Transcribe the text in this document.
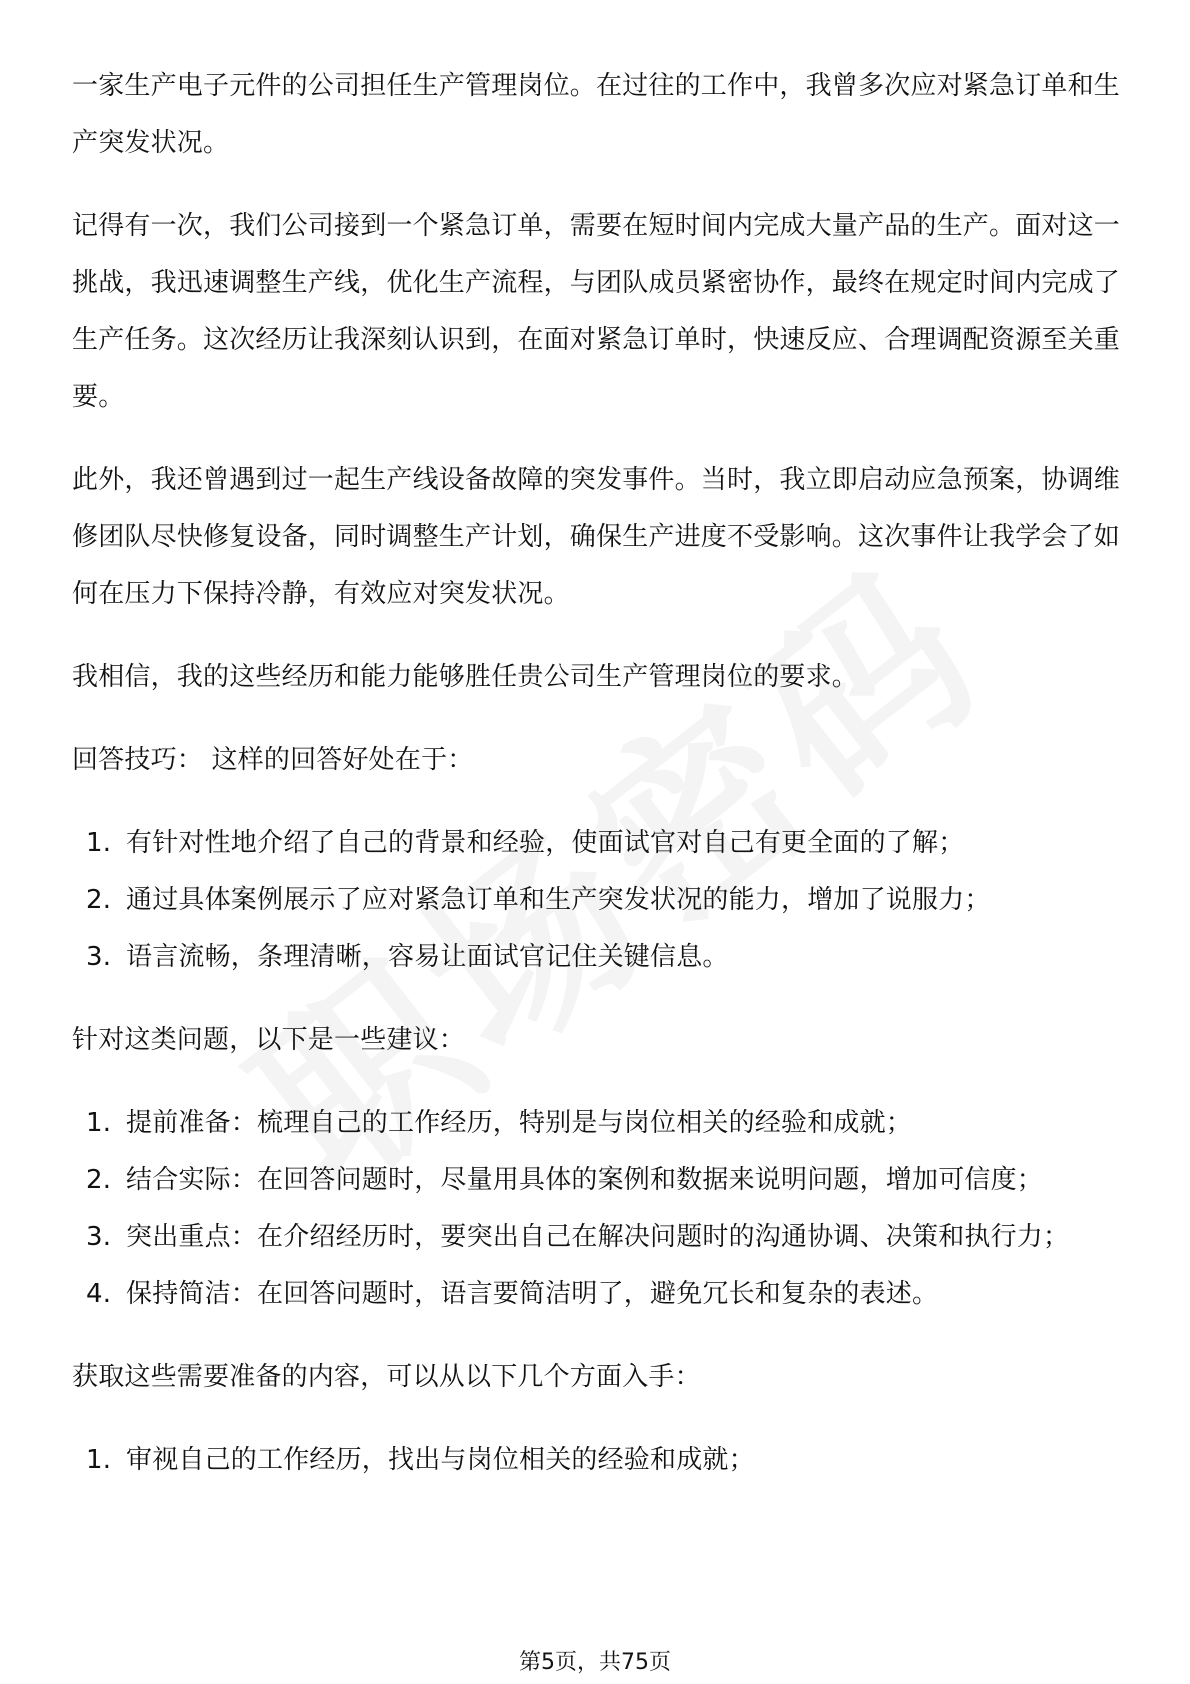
一家生产电子元件的公司担任生产管理岗位。在过往的工作中，我曾多次应对紧急订单和生产突发状况。

记得有一次，我们公司接到一个紧急订单，需要在短时间内完成大量产品的生产。面对这一挑战，我迅速调整生产线，优化生产流程，与团队成员紧密协作，最终在规定时间内完成了生产任务。这次经历让我深刻认识到，在面对紧急订单时，快速反应、合理调配资源至关重要。

此外，我还曾遇到过一起生产线设备故障的突发事件。当时，我立即启动应急预案，协调维修团队尽快修复设备，同时调整生产计划，确保生产进度不受影响。这次事件让我学会了如何在压力下保持冷静，有效应对突发状况。

我相信，我的这些经历和能力能够胜任贵公司生产管理岗位的要求。

回答技巧： 这样的回答好处在于：

1. 有针对性地介绍了自己的背景和经验，使面试官对自己有更全面的了解；
2. 通过具体案例展示了应对紧急订单和生产突发状况的能力，增加了说服力；
3. 语言流畅，条理清晰，容易让面试官记住关键信息。

针对这类问题，以下是一些建议：

1. 提前准备：梳理自己的工作经历，特别是与岗位相关的经验和成就；
2. 结合实际：在回答问题时，尽量用具体的案例和数据来说明问题，增加可信度；
3. 突出重点：在介绍经历时，要突出自己在解决问题时的沟通协调、决策和执行力；
4. 保持简洁：在回答问题时，语言要简洁明了，避免冗长和复杂的表述。

获取这些需要准备的内容，可以从以下几个方面入手：

1. 审视自己的工作经历，找出与岗位相关的经验和成就；
第5页，共75页
